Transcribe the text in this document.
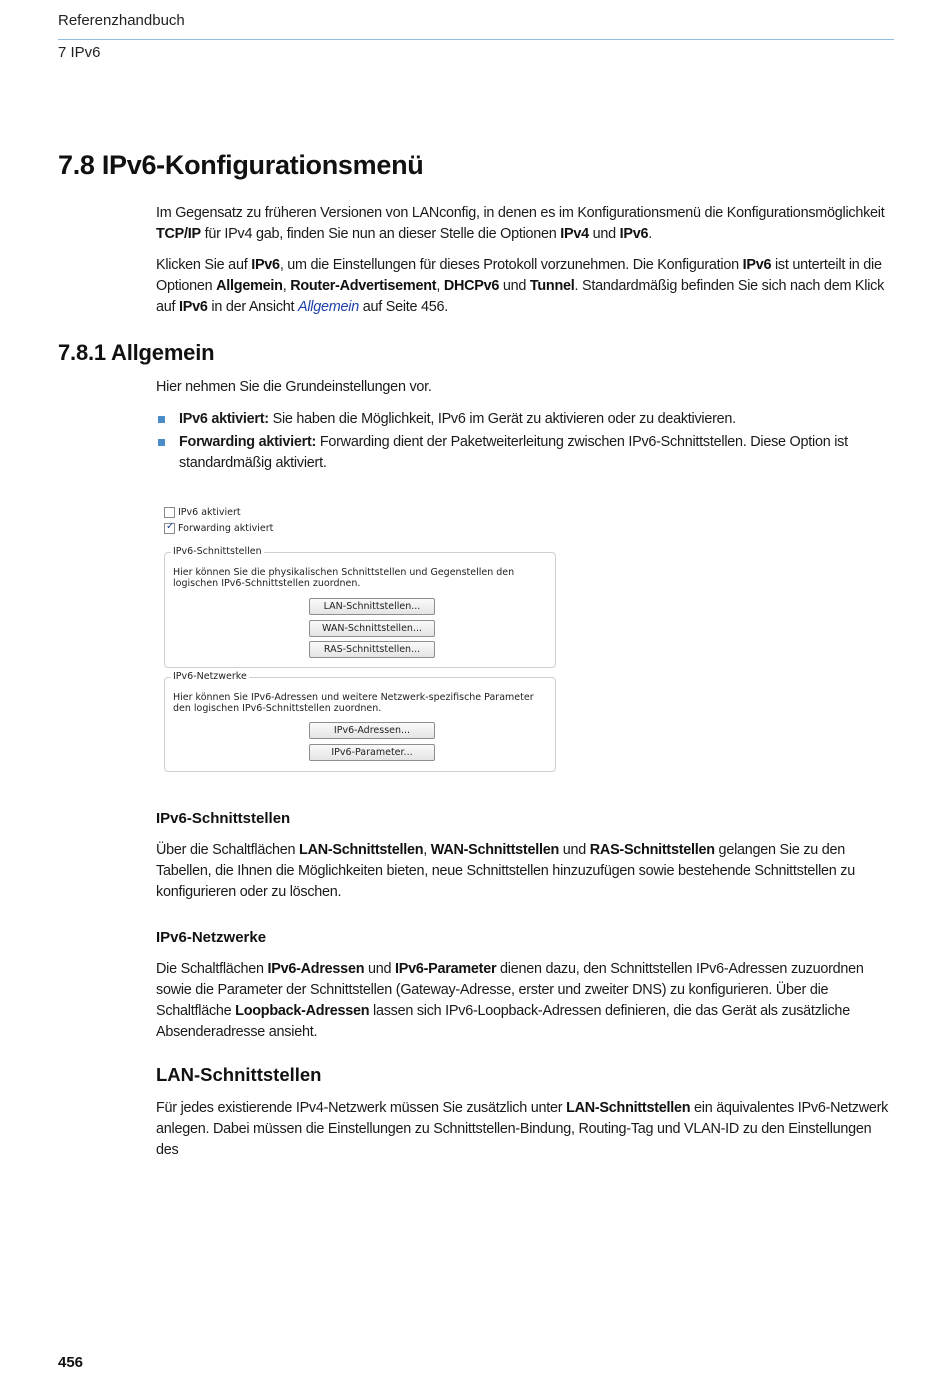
Referenzhandbuch
7 IPv6
7.8 IPv6-Konfigurationsmenü

Im Gegensatz zu früheren Versionen von LANconfig, in denen es im Konfigurationsmenü die Konfigurationsmöglichkeit TCP/IP für IPv4 gab, finden Sie nun an dieser Stelle die Optionen IPv4 und IPv6.

Klicken Sie auf IPv6, um die Einstellungen für dieses Protokoll vorzunehmen. Die Konfiguration IPv6 ist unterteilt in die Optionen Allgemein, Router-Advertisement, DHCPv6 und Tunnel. Standardmäßig befinden Sie sich nach dem Klick auf IPv6 in der Ansicht Allgemein auf Seite 456.

7.8.1 Allgemein

Hier nehmen Sie die Grundeinstellungen vor.

IPv6 aktiviert: Sie haben die Möglichkeit, IPv6 im Gerät zu aktivieren oder zu deaktivieren.
Forwarding aktiviert: Forwarding dient der Paketweiterleitung zwischen IPv6-Schnittstellen. Diese Option ist standardmäßig aktiviert.
IPv6 aktiviert
✓
Forwarding aktiviert
IPv6-Schnittstellen
Hier können Sie die physikalischen Schnittstellen und Gegenstellen den logischen IPv6-Schnittstellen zuordnen.
LAN-Schnittstellen...
WAN-Schnittstellen...
RAS-Schnittstellen...
IPv6-Netzwerke
Hier können Sie IPv6-Adressen und weitere Netzwerk-spezifische Parameter den logischen IPv6-Schnittstellen zuordnen.
IPv6-Adressen...
IPv6-Parameter...
IPv6-Schnittstellen

Über die Schaltflächen LAN-Schnittstellen, WAN-Schnittstellen und RAS-Schnittstellen gelangen Sie zu den Tabellen, die Ihnen die Möglichkeiten bieten, neue Schnittstellen hinzuzufügen sowie bestehende Schnittstellen zu konfigurieren oder zu löschen.

IPv6-Netzwerke

Die Schaltflächen IPv6-Adressen und IPv6-Parameter dienen dazu, den Schnittstellen IPv6-Adressen zuzuordnen sowie die Parameter der Schnittstellen (Gateway-Adresse, erster und zweiter DNS) zu konfigurieren. Über die Schaltfläche Loopback-Adressen lassen sich IPv6-Loopback-Adressen definieren, die das Gerät als zusätzliche Absenderadresse ansieht.

LAN-Schnittstellen

Für jedes existierende IPv4-Netzwerk müssen Sie zusätzlich unter LAN-Schnittstellen ein äquivalentes IPv6-Netzwerk anlegen. Dabei müssen die Einstellungen zu Schnittstellen-Bindung, Routing-Tag und VLAN-ID zu den Einstellungen des

456
